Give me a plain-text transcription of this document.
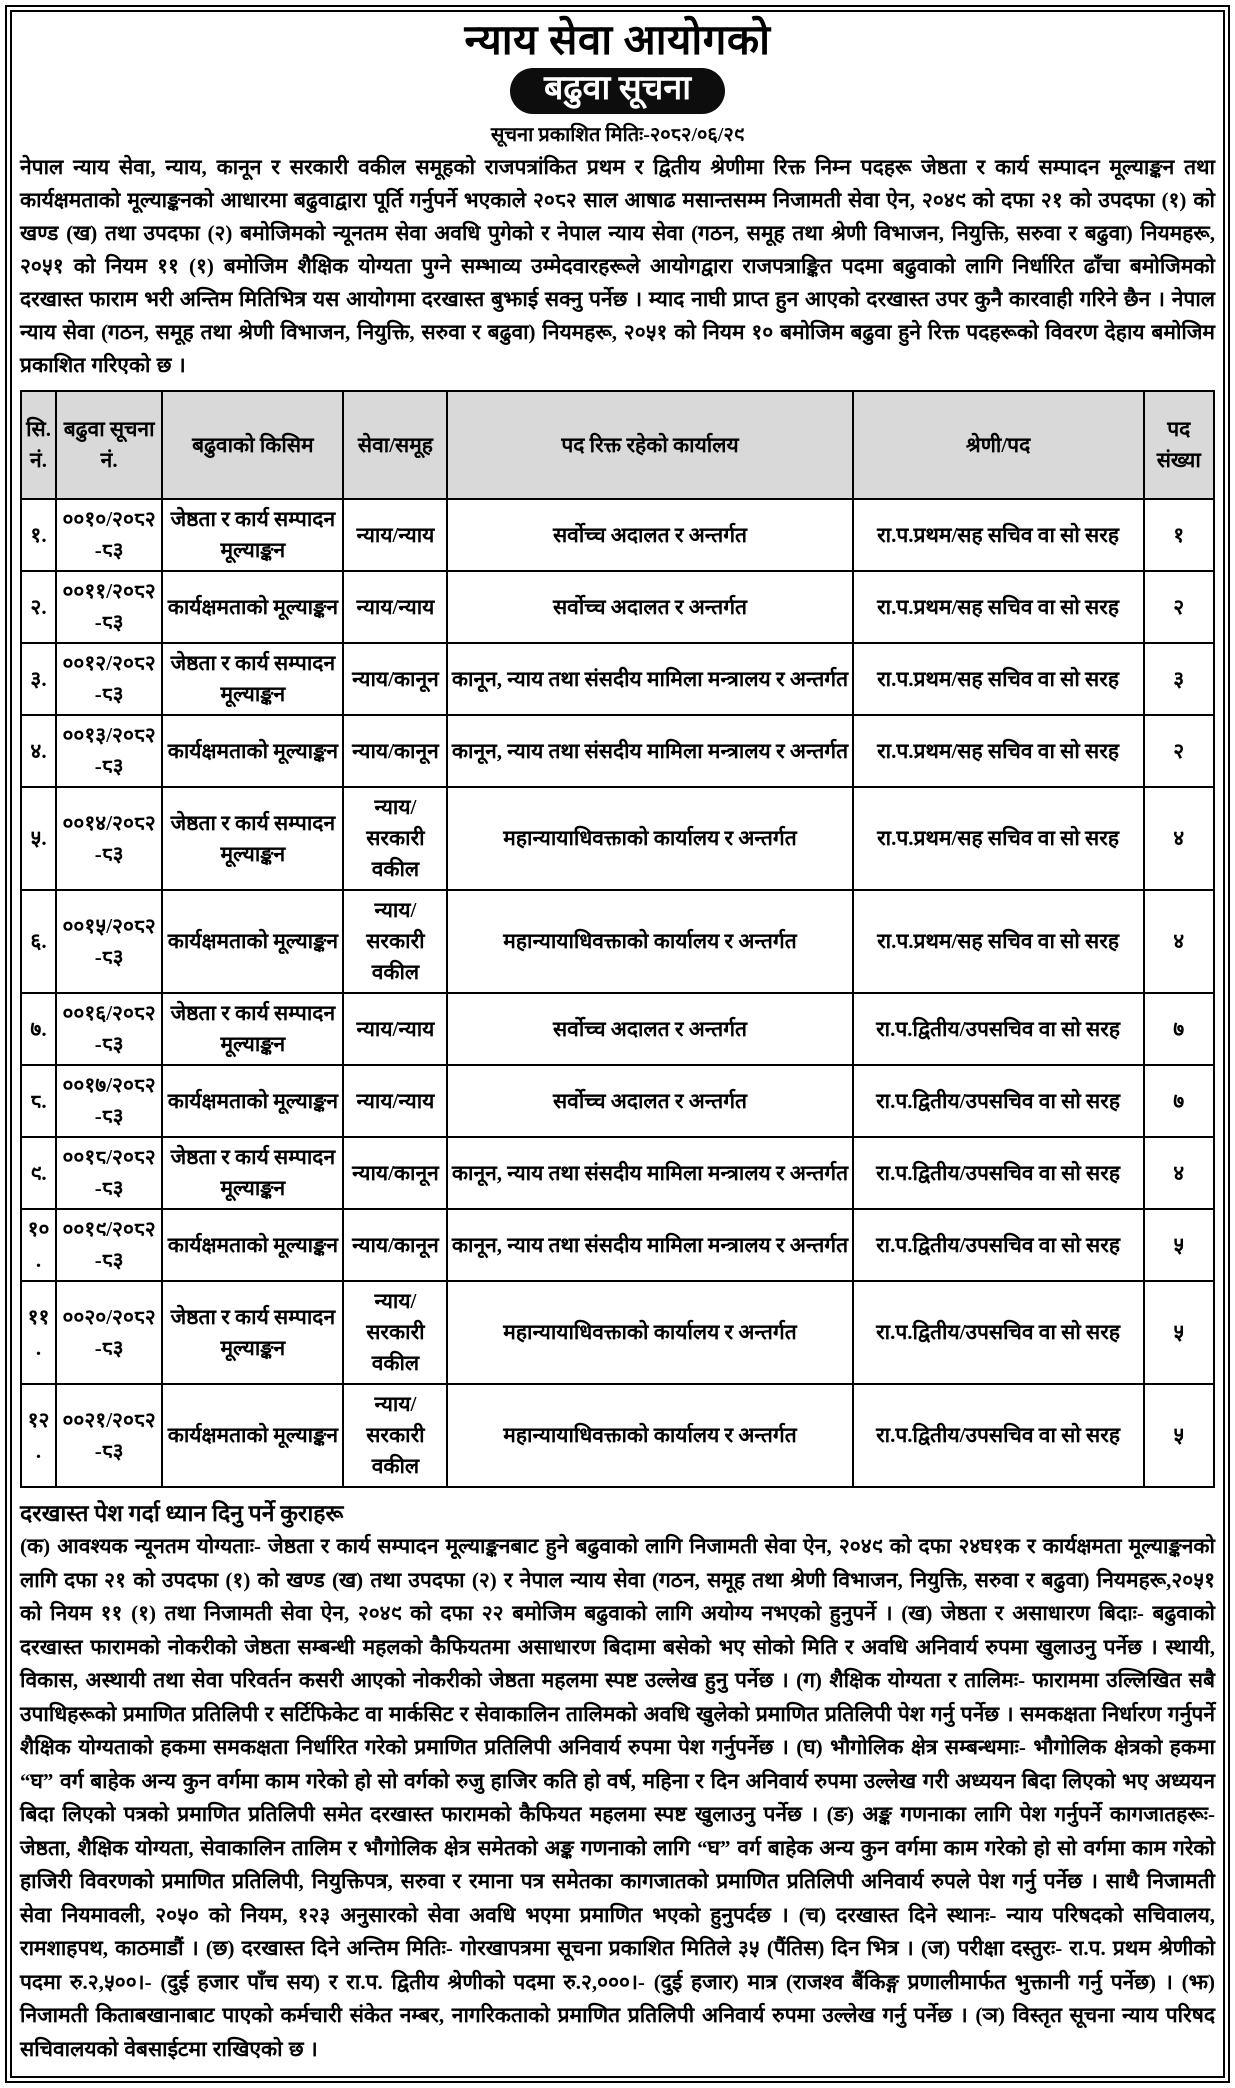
न्याय सेवा आयोगको
बढुवा सूचना
सूचना प्रकाशित मितिः-२०८२/०६/२९
नेपाल न्याय सेवा, न्याय, कानून र सरकारी वकील समूहको राजपत्रांकित प्रथम र द्वितीय श्रेणीमा रिक्त निम्न पदहरू जेष्ठता र कार्य सम्पादन मूल्याङ्कन तथा कार्यक्षमताको मूल्याङ्कनको आधारमा बढुवाद्वारा पूर्ति गर्नुपर्ने भएकाले २०८२ साल आषाढ मसान्तसम्म निजामती सेवा ऐन, २०४९ को दफा २१ को उपदफा (१) को खण्ड (ख) तथा उपदफा (२) बमोजिमको न्यूनतम सेवा अवधि पुगेको र नेपाल न्याय सेवा (गठन, समूह तथा श्रेणी विभाजन, नियुक्ति, सरुवा र बढुवा) नियमहरू, २०५१ को नियम ११ (१) बमोजिम शैक्षिक योग्यता पुग्ने सम्भाव्य उम्मेदवारहरूले आयोगद्वारा राजपत्राङ्कित पदमा बढुवाको लागि निर्धारित ढाँचा बमोजिमको दरखास्त फाराम भरी अन्तिम मितिभित्र यस आयोगमा दरखास्त बुझाई सक्नु पर्नेछ । म्याद नाघी प्राप्त हुन आएको दरखास्त उपर कुनै कारवाही गरिने छैन । नेपाल न्याय सेवा (गठन, समूह तथा श्रेणी विभाजन, नियुक्ति, सरुवा र बढुवा) नियमहरू, २०५१ को नियम १० बमोजिम बढुवा हुने रिक्त पदहरूको विवरण देहाय बमोजिम प्रकाशित गरिएको छ ।
सि. नं.	बढुवा सूचना नं.	बढुवाको किसिम	सेवा/समूह	पद रिक्त रहेको कार्यालय	श्रेणी/पद	पद संख्या
१.	००१०/२०८२-८३	जेष्ठता र कार्य सम्पादन मूल्याङ्कन	न्याय/न्याय	सर्वोच्च अदालत र अन्तर्गत	रा.प.प्रथम/सह सचिव वा सो सरह	१
२.	००११/२०८२-८३	कार्यक्षमताको मूल्याङ्कन	न्याय/न्याय	सर्वोच्च अदालत र अन्तर्गत	रा.प.प्रथम/सह सचिव वा सो सरह	२
३.	००१२/२०८२-८३	जेष्ठता र कार्य सम्पादन मूल्याङ्कन	न्याय/कानून	कानून, न्याय तथा संसदीय मामिला मन्त्रालय र अन्तर्गत	रा.प.प्रथम/सह सचिव वा सो सरह	३
४.	००१३/२०८२-८३	कार्यक्षमताको मूल्याङ्कन	न्याय/कानून	कानून, न्याय तथा संसदीय मामिला मन्त्रालय र अन्तर्गत	रा.प.प्रथम/सह सचिव वा सो सरह	२
५.	००१४/२०८२-८३	जेष्ठता र कार्य सम्पादन मूल्याङ्कन	न्याय/सरकारी वकील	महान्यायाधिवक्ताको कार्यालय र अन्तर्गत	रा.प.प्रथम/सह सचिव वा सो सरह	४
६.	००१५/२०८२-८३	कार्यक्षमताको मूल्याङ्कन	न्याय/सरकारी वकील	महान्यायाधिवक्ताको कार्यालय र अन्तर्गत	रा.प.प्रथम/सह सचिव वा सो सरह	४
७.	००१६/२०८२-८३	जेष्ठता र कार्य सम्पादन मूल्याङ्कन	न्याय/न्याय	सर्वोच्च अदालत र अन्तर्गत	रा.प.द्वितीय/उपसचिव वा सो सरह	७
८.	००१७/२०८२-८३	कार्यक्षमताको मूल्याङ्कन	न्याय/न्याय	सर्वोच्च अदालत र अन्तर्गत	रा.प.द्वितीय/उपसचिव वा सो सरह	७
९.	००१८/२०८२-८३	जेष्ठता र कार्य सम्पादन मूल्याङ्कन	न्याय/कानून	कानून, न्याय तथा संसदीय मामिला मन्त्रालय र अन्तर्गत	रा.प.द्वितीय/उपसचिव वा सो सरह	४
१०.	००१९/२०८२-८३	कार्यक्षमताको मूल्याङ्कन	न्याय/कानून	कानून, न्याय तथा संसदीय मामिला मन्त्रालय र अन्तर्गत	रा.प.द्वितीय/उपसचिव वा सो सरह	५
११.	००२०/२०८२-८३	जेष्ठता र कार्य सम्पादन मूल्याङ्कन	न्याय/सरकारी वकील	महान्यायाधिवक्ताको कार्यालय र अन्तर्गत	रा.प.द्वितीय/उपसचिव वा सो सरह	५
१२.	००२१/२०८२-८३	कार्यक्षमताको मूल्याङ्कन	न्याय/सरकारी वकील	महान्यायाधिवक्ताको कार्यालय र अन्तर्गत	रा.प.द्वितीय/उपसचिव वा सो सरह	५
दरखास्त पेश गर्दा ध्यान दिनु पर्ने कुराहरू
(क) आवश्यक न्यूनतम योग्यताः- जेष्ठता र कार्य सम्पादन मूल्याङ्कनबाट हुने बढुवाको लागि निजामती सेवा ऐन, २०४९ को दफा २४घ१क र कार्यक्षमता मूल्याङ्कनको लागि दफा २१ को उपदफा (१) को खण्ड (ख) तथा उपदफा (२) र नेपाल न्याय सेवा (गठन, समूह तथा श्रेणी विभाजन, नियुक्ति, सरुवा र बढुवा) नियमहरू,२०५१ को नियम ११ (१) तथा निजामती सेवा ऐन, २०४९ को दफा २२ बमोजिम बढुवाको लागि अयोग्य नभएको हुनुपर्ने । (ख) जेष्ठता र असाधारण बिदाः- बढुवाको दरखास्त फारामको नोकरीको जेष्ठता सम्बन्धी महलको कैफियतमा असाधारण बिदामा बसेको भए सोको मिति र अवधि अनिवार्य रुपमा खुलाउनु पर्नेछ । स्थायी, विकास, अस्थायी तथा सेवा परिवर्तन कसरी आएको नोकरीको जेष्ठता महलमा स्पष्ट उल्लेख हुनु पर्नेछ । (ग) शैक्षिक योग्यता र तालिमः- फाराममा उल्लिखित सबै उपाधिहरूको प्रमाणित प्रतिलिपी र सर्टिफिकेट वा मार्कसिट र सेवाकालिन तालिमको अवधि खुलेको प्रमाणित प्रतिलिपी पेश गर्नु पर्नेछ । समकक्षता निर्धारण गर्नुपर्ने शैक्षिक योग्यताको हकमा समकक्षता निर्धारित गरेको प्रमाणित प्रतिलिपी अनिवार्य रुपमा पेश गर्नुपर्नेछ । (घ) भौगोलिक क्षेत्र सम्बन्धमाः- भौगोलिक क्षेत्रको हकमा “घ” वर्ग बाहेक अन्य कुन वर्गमा काम गरेको हो सो वर्गको रुजु हाजिर कति हो वर्ष, महिना र दिन अनिवार्य रुपमा उल्लेख गरी अध्ययन बिदा लिएको भए अध्ययन बिदा लिएको पत्रको प्रमाणित प्रतिलिपी समेत दरखास्त फारामको कैफियत महलमा स्पष्ट खुलाउनु पर्नेछ । (ङ) अङ्क गणनाका लागि पेश गर्नुपर्ने कागजातहरूः- जेष्ठता, शैक्षिक योग्यता, सेवाकालिन तालिम र भौगोलिक क्षेत्र समेतको अङ्क गणनाको लागि “घ” वर्ग बाहेक अन्य कुन वर्गमा काम गरेको हो सो वर्गमा काम गरेको हाजिरी विवरणको प्रमाणित प्रतिलिपी, नियुक्तिपत्र, सरुवा र रमाना पत्र समेतका कागजातको प्रमाणित प्रतिलिपी अनिवार्य रुपले पेश गर्नु पर्नेछ । साथै निजामती सेवा नियमावली, २०५० को नियम, १२३ अनुसारको सेवा अवधि भएमा प्रमाणित भएको हुनुपर्दछ । (च) दरखास्त दिने स्थानः- न्याय परिषदको सचिवालय, रामशाहपथ, काठमाडौं । (छ) दरखास्त दिने अन्तिम मितिः- गोरखापत्रमा सूचना प्रकाशित मितिले ३५ (पैंतिस) दिन भित्र । (ज) परीक्षा दस्तुरः- रा.प. प्रथम श्रेणीको पदमा रु.२,५००।- (दुई हजार पाँच सय) र रा.प. द्वितीय श्रेणीको पदमा रु.२,०००।- (दुई हजार) मात्र (राजश्व बैंकिङ्ग प्रणालीमार्फत भुक्तानी गर्नु पर्नेछ) । (झ) निजामती किताबखानाबाट पाएको कर्मचारी संकेत नम्बर, नागरिकताको प्रमाणित प्रतिलिपी अनिवार्य रुपमा उल्लेख गर्नु पर्नेछ । (ञ) विस्तृत सूचना न्याय परिषद सचिवालयको वेबसाईटमा राखिएको छ ।
